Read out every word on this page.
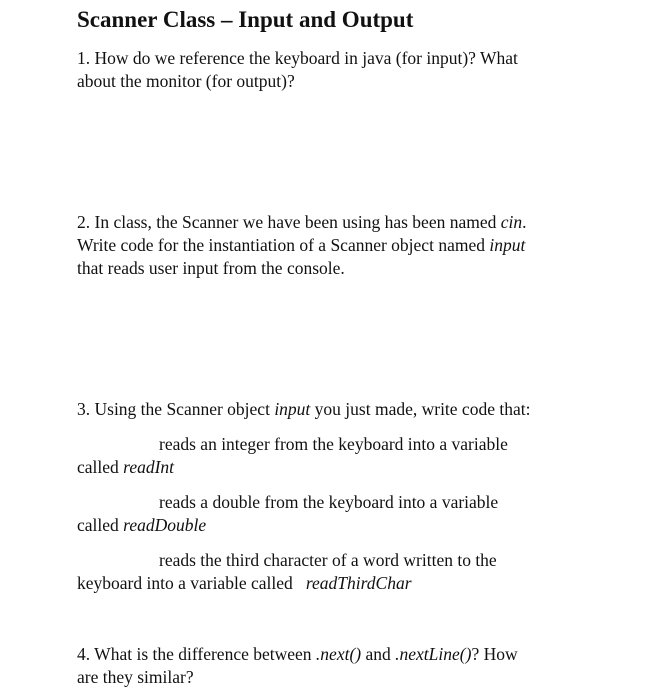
Scanner Class – Input and Output
1. How do we reference the keyboard in java (for input)? What
about the monitor (for output)?
2. In class, the Scanner we have been using has been named cin.
Write code for the instantiation of a Scanner object named input
that reads user input from the console.
3. Using the Scanner object input you just made, write code that:
reads an integer from the keyboard into a variable
called readInt
reads a double from the keyboard into a variable
called readDouble
reads the third character of a word written to the
keyboard into a variable called   readThirdChar
4. What is the difference between .next() and .nextLine()? How
are they similar?
